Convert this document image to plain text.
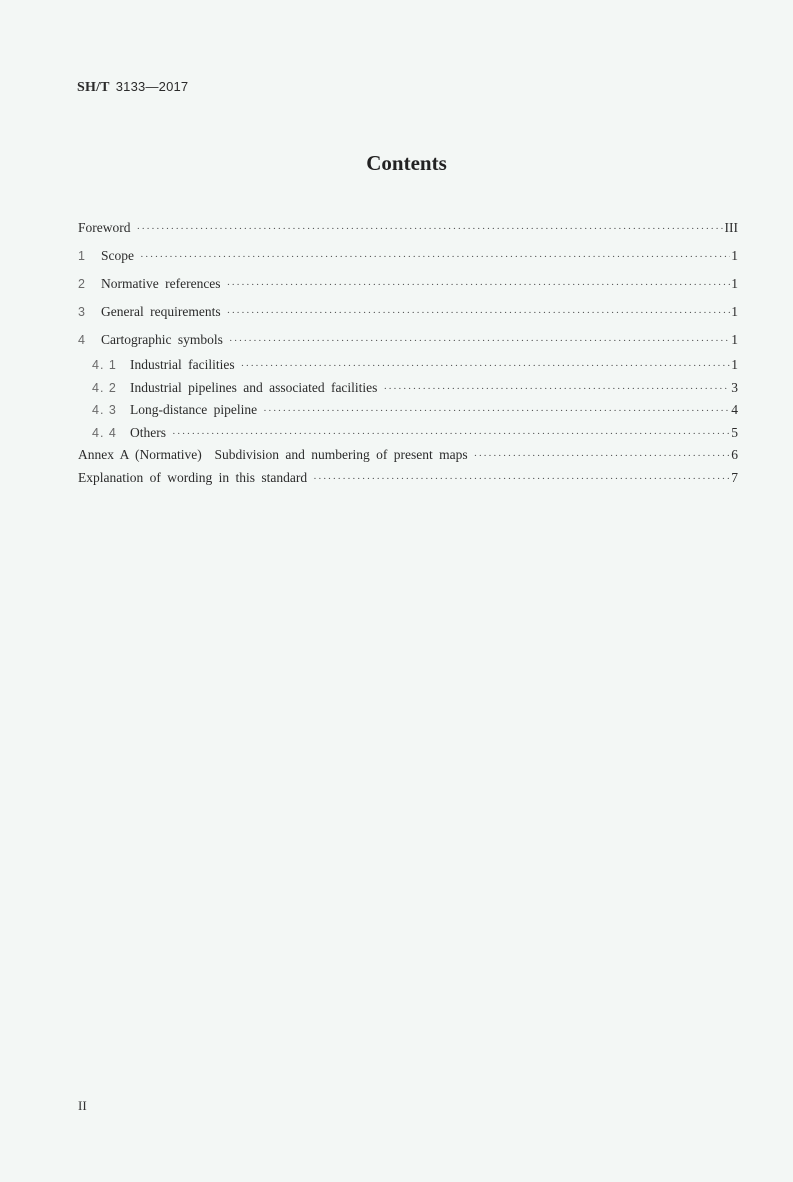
SH/T 3133—2017
Contents
Foreword ·····	III
1	Scope ·····	1
2	Normative references ·····	1
3	General requirements ·····	1
4	Cartographic symbols ·····	1
4. 1 Industrial facilities ·····	1
4. 2 Industrial pipelines and associated facilities ·····	3
4. 3 Long-distance pipeline ·····	4
4. 4 Others ·····	5
Annex A (Normative)  Subdivision and numbering of present maps ·····	6
Explanation of wording in this standard ·····	7
II
